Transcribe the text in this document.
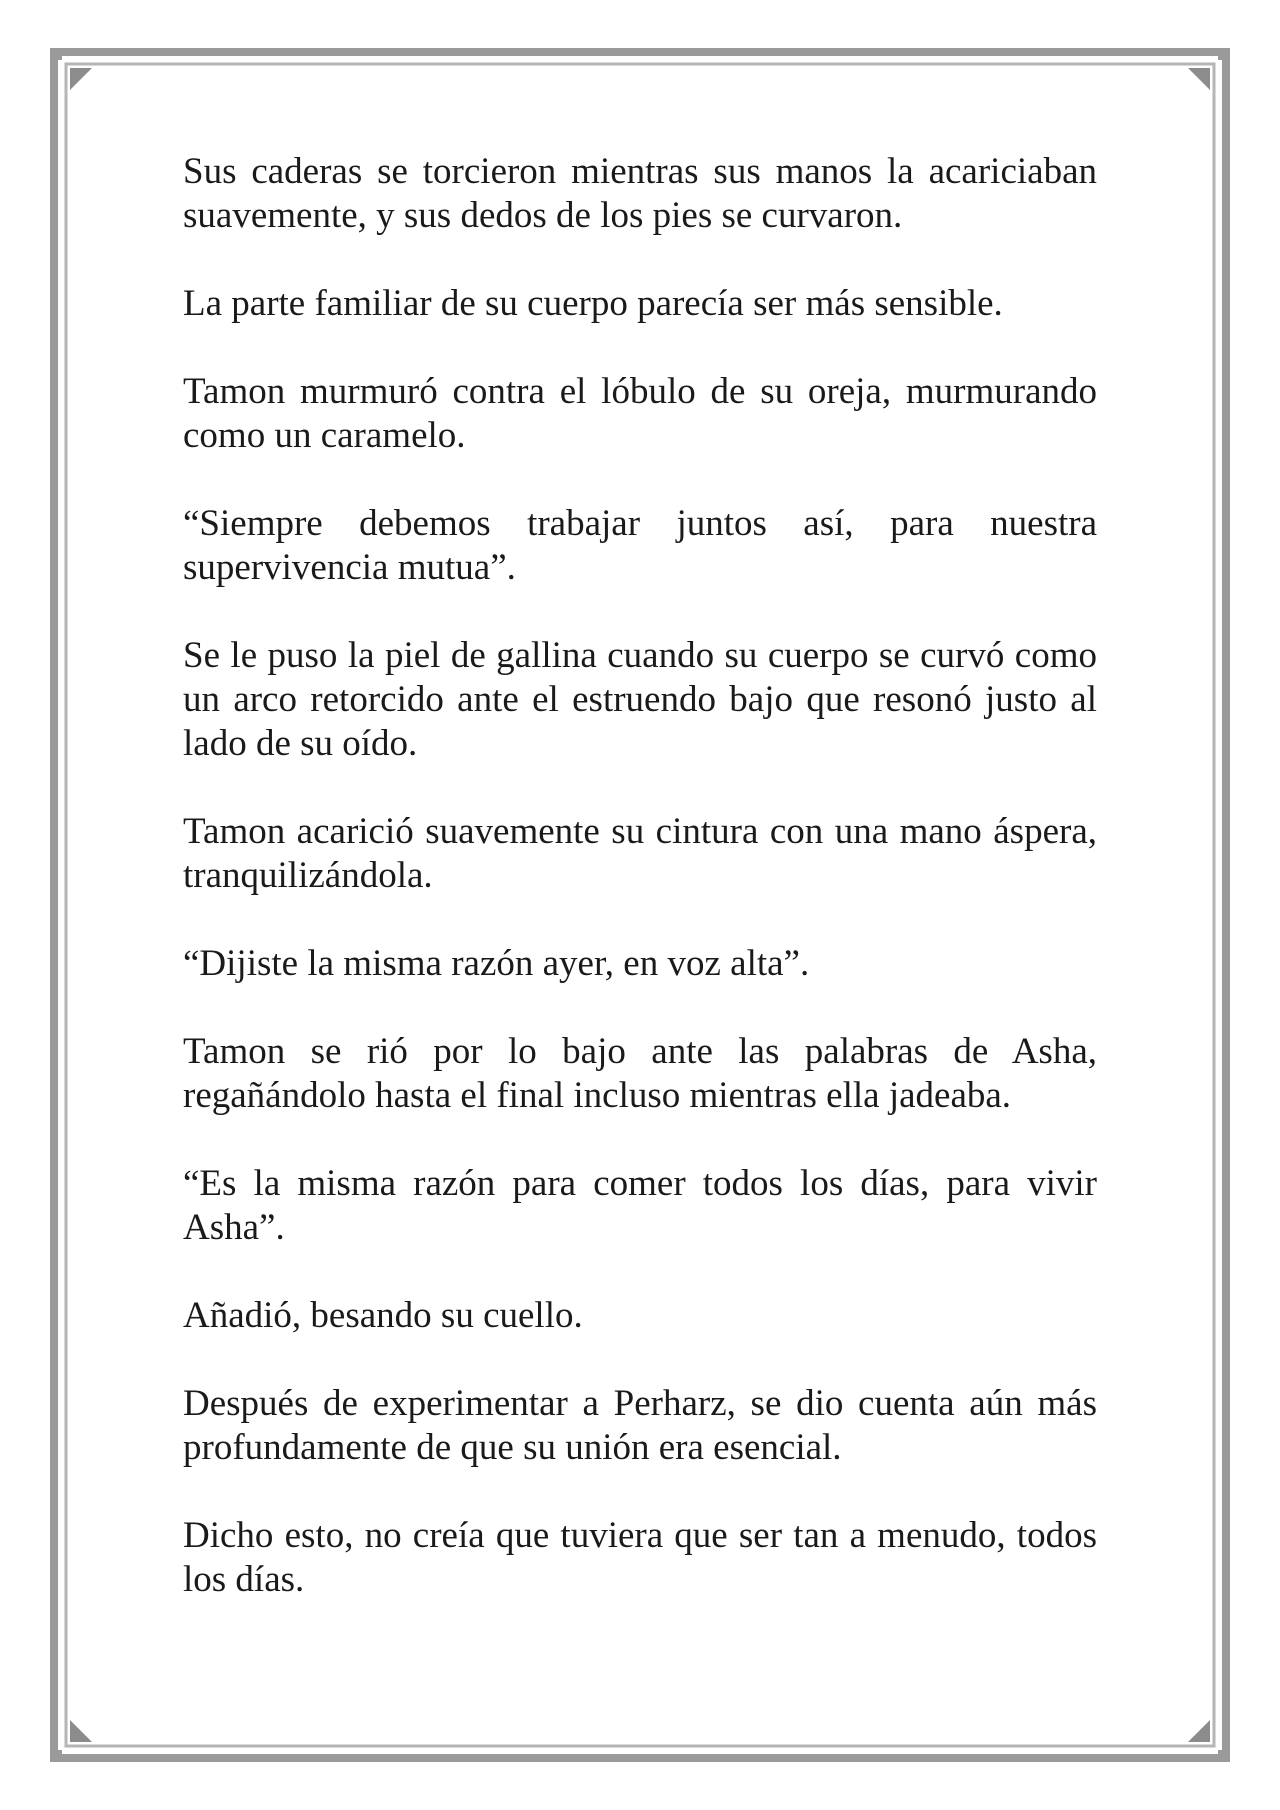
Sus caderas se torcieron mientras sus manos la acariciaban suavemente, y sus dedos de los pies se curvaron.

La parte familiar de su cuerpo parecía ser más sensible.

Tamon murmuró contra el lóbulo de su oreja, murmurando como un caramelo.

“Siempre debemos trabajar juntos así, para nuestra supervivencia mutua”.

Se le puso la piel de gallina cuando su cuerpo se curvó como un arco retorcido ante el estruendo bajo que resonó justo al lado de su oído.

Tamon acarició suavemente su cintura con una mano áspera, tranquilizándola.

“Dijiste la misma razón ayer, en voz alta”.

Tamon se rió por lo bajo ante las palabras de Asha, regañándolo hasta el final incluso mientras ella jadeaba.

“Es la misma razón para comer todos los días, para vivir Asha”.

Añadió, besando su cuello.

Después de experimentar a Perharz, se dio cuenta aún más profundamente de que su unión era esencial.

Dicho esto, no creía que tuviera que ser tan a menudo, todos los días.
